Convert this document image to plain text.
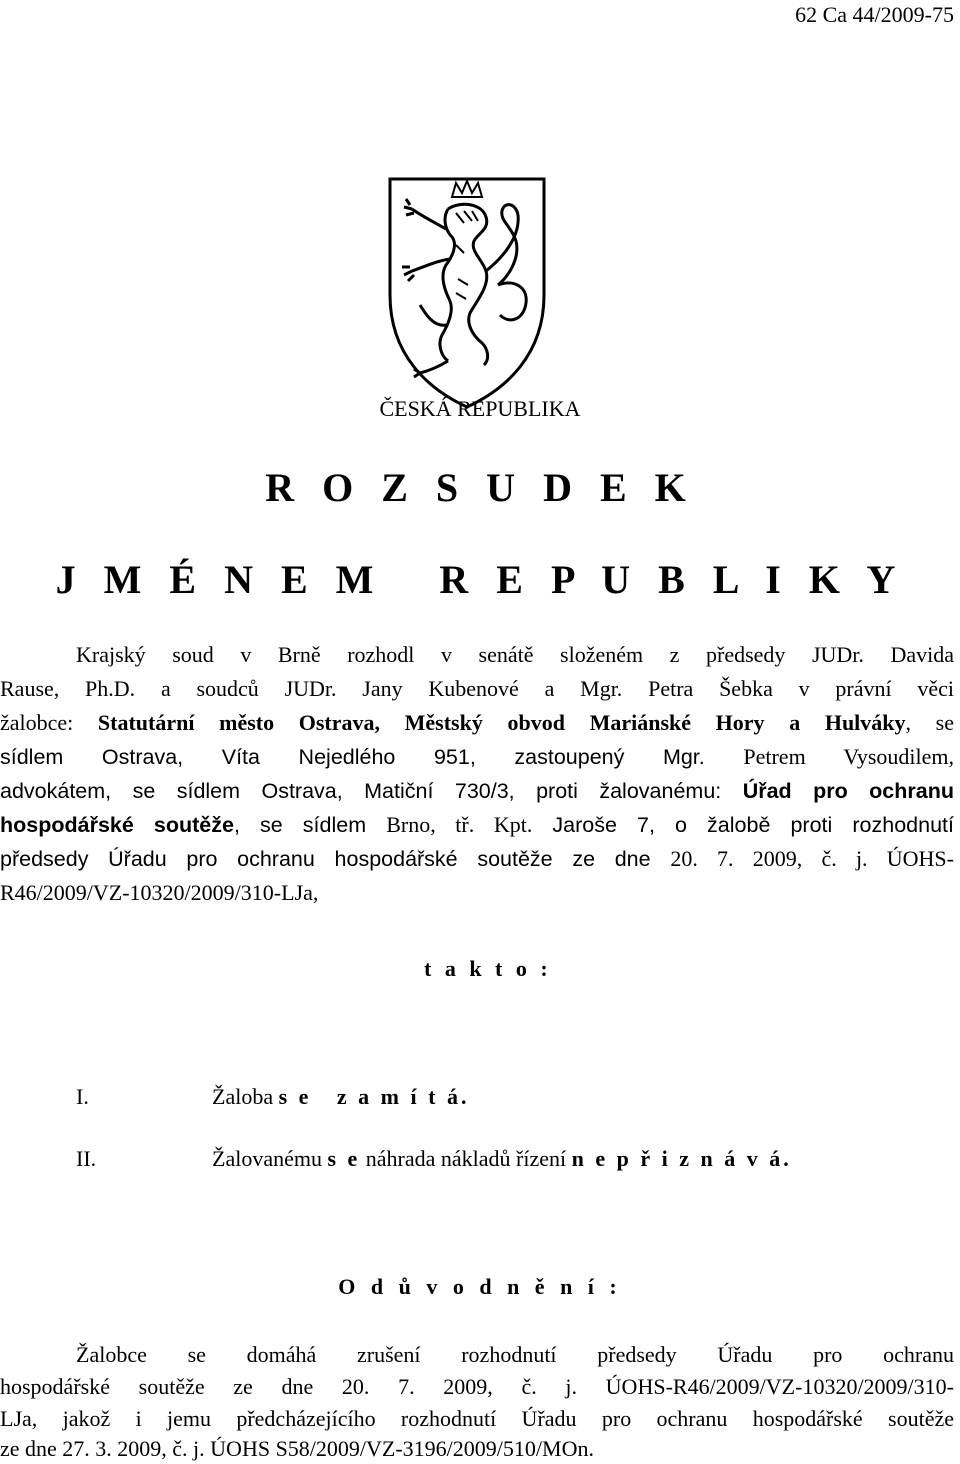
62 Ca 44/2009-75
ČESKÁ REPUBLIKA
R O Z S U D E K
J M É N E M   R E P U B L I K Y
Krajský soud v Brně rozhodl v senátě složeném z předsedy JUDr. Davida
Rause, Ph.D. a soudců JUDr. Jany Kubenové a Mgr. Petra Šebka v právní věci
žalobce: Statutární město Ostrava, Městský obvod Mariánské Hory a Hulváky, se
sídlem Ostrava, Víta Nejedlého 951, zastoupený Mgr. Petrem Vysoudilem,
advokátem, se sídlem Ostrava, Matiční 730/3, proti žalovanému: Úřad pro ochranu
hospodářské soutěže, se sídlem Brno, tř. Kpt. Jaroše 7, o žalobě proti rozhodnutí
předsedy Úřadu pro ochranu hospodářské soutěže ze dne 20. 7. 2009, č. j. ÚOHS-
R46/2009/VZ-10320/2009/310-LJa,
t a k t o :
I.	Žaloba s e   z a m í t á.
II.	Žalovanému s e náhrada nákladů řízení n e p ř i z n á v á.
O d ů v o d n ě n í :
Žalobce se domáhá zrušení rozhodnutí předsedy Úřadu pro ochranu
hospodářské soutěže ze dne 20. 7. 2009, č. j. ÚOHS-R46/2009/VZ-10320/2009/310-
LJa, jakož i jemu předcházejícího rozhodnutí Úřadu pro ochranu hospodářské soutěže
ze dne 27. 3. 2009, č. j. ÚOHS S58/2009/VZ-3196/2009/510/MOn.
